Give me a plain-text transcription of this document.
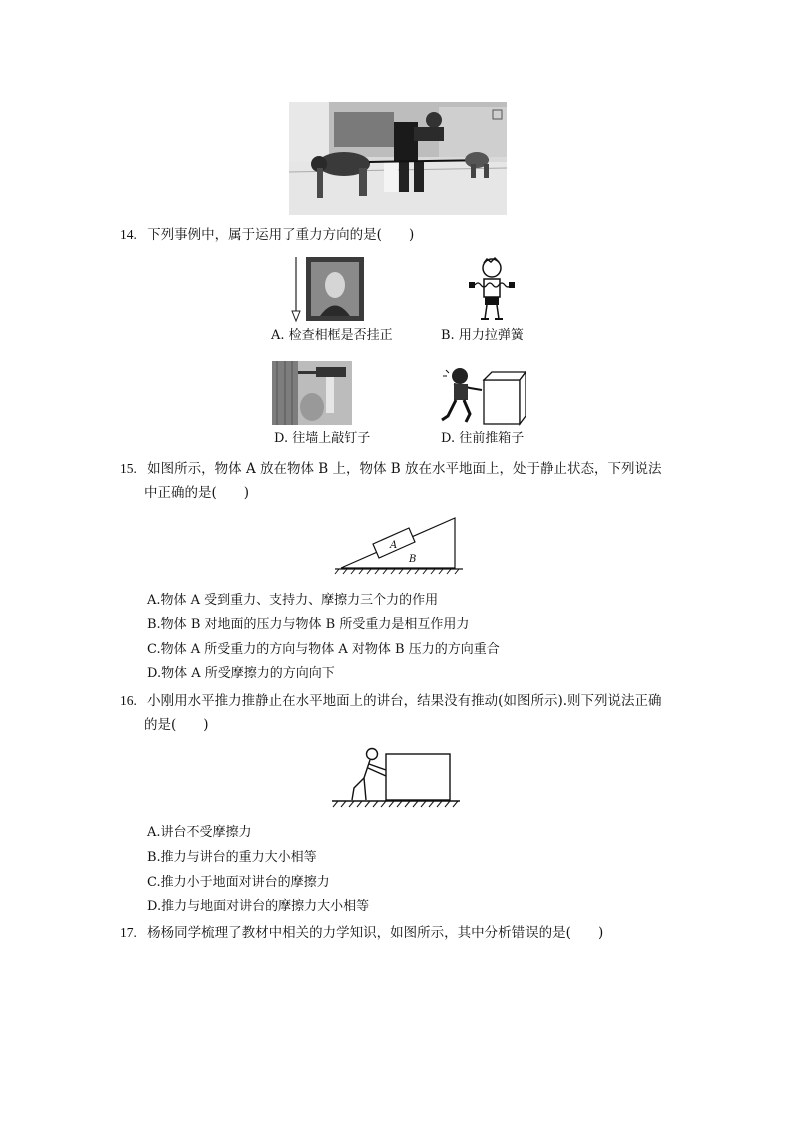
14. 下列事例中，属于运用了重力方向的是(　　)
A. 检查相框是否挂正	B. 用力拉弹簧
D. 往墙上敲钉子	D. 往前推箱子
15. 如图所示，物体 A 放在物体 B 上，物体 B 放在水平地面上，处于静止状态，下列说法
中正确的是(　　)
A
B
A.物体 A 受到重力、支持力、摩擦力三个力的作用
B.物体 B 对地面的压力与物体 B 所受重力是相互作用力
C.物体 A 所受重力的方向与物体 A 对物体 B 压力的方向重合
D.物体 A 所受摩擦力的方向向下
16. 小刚用水平推力推静止在水平地面上的讲台，结果没有推动(如图所示).则下列说法正确
的是(　　)
A.讲台不受摩擦力
B.推力与讲台的重力大小相等
C.推力小于地面对讲台的摩擦力
D.推力与地面对讲台的摩擦力大小相等
17. 杨杨同学梳理了教材中相关的力学知识，如图所示，其中分析错误的是(　　)
